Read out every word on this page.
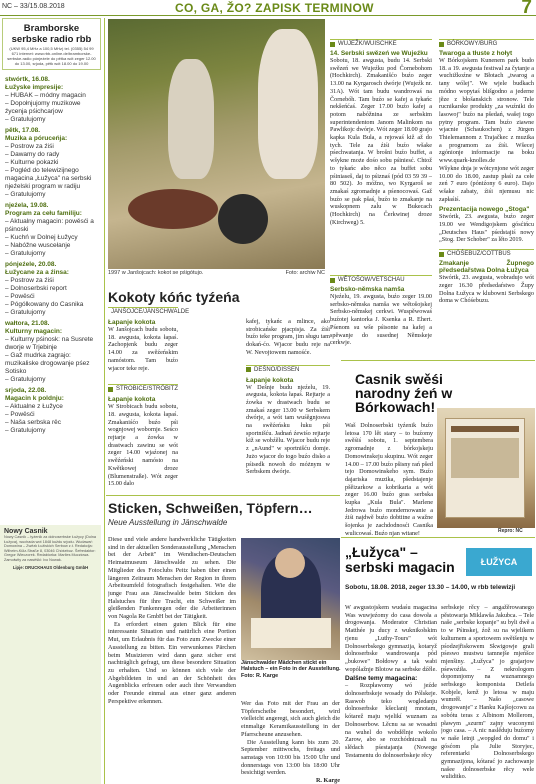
NC – 33/15.08.2018	CO, GA, ŽO? ZAPISK TERMINOW	7
Bramborske serbske radio rbb

(UKW 95,4 MHz a 100,5 MHz) tel. (0355) 54 99 671 internet: www.rbb-online.de/bramborske-serbske-radio pónjeźele do pětka wót zeger 12.00 do 13.00, srjoda, pětk wót 18.00 do 19.00

stwórtk, 16.08.
Łužyske impresije:
– HUBAK – módny magacin
– Dopołnjujomy muzikowe źycenja pśichcarjow
– Gratulujomy
pětk, 17.08.
Muzika a póruceńja:
– Postrow za źiśi
– Dawamy do rady
– Kulturne pokazki
– Pogléd do telewizijnego magacina „Łužyca" na serbski njeźelski program w radiju
– Gratulujomy
njeźela, 19.08.
Program za cełu familiju:
– Aktualny magacin: powěsći a pśinoski
– Kuchń w Dolnej Łužycy
– Nabóžne wuscełanje
– Gratulujomy
pónjeźele, 20.08.
Łužycane za a źinsa:
– Postrow za źiśi
– Dolnoserbski report
– Powěsći
– Pógólkowany do Casnika
– Gratulujomy
wałtora, 21.08.
Kulturny magacin:
– Kulturny pśinosk: na Susrete dworje w Trjebinje
– Gaž mudrka zagrajo: muzikaliske drogowanje pśez Sotisko
– Gratulujomy
srjoda, 22.08.
Magacin k poldnju:
– Aktualne z Łužyce
– Powěsći
– Naša serbska rěc
– Gratulujomy
Nowy Casnik
Nowy Casnik – tyźenik za dolnoserbske Łužycy (Dolna Łužyca), wuchada wot 1848 kuždu srjodu. Wudawaŕ: Domowina – Zwězk Łužiskich Serbow z.t. Redakcija: Wilhelm-Külz-Straße 8, 03046 Chóśebuz. Šefredaktor: Gregor Wieczorek. Redaktorka: Marlies Mucziowa. Zamołwity za nawěški: Ivo Nowak.
Lipje: DRUCKHAUS Oldenburg GmbH
1997 w Janšojcach: kokot se pśigótujo.	Foto: archiw NC
Kokoty kóńc tyźeńa
JANŠOJCE/JÄNSCHWALDE
Łapanje kokota
W Janšojcach budu sobotu, 18. awgusta, kokota łapaś. Zachopjenk budu zeger 14.00 za swěźeńskim namóstom. Tam buźo wjacor teke reje.
STROBICE/STRÖBITZ
Łapanje kokota
W Strobicach budu sobotu, 18. awgusta, kokota łapaś. Zmakaniśćo buźo pśi wognjowej wobornje. Seśco rejtarje a źowka w drastwach zawinu se wót zeger 14.00 wjaźonej na swěźeński namósto na Kwětkowej droze (Blumenstraße). Wót zeger 15.00 dalo
kafej, tykańc a mlince, ako strobicańske pjacpisja. Za źiśi buźo teke program, jim sługu tam dokań-ćo. Wjacor budu reje na W. Nevojtowem namośće.
DEŠNO/DISSEN
Łapanje kokota
W Dešnje budu njeźelu, 19. awgusta, kokota łapaś. Rejtarje a źowka w drastwach budu se zmakaś zeger 13.00 w Serbskem dwórje, a wót tam wuśěgnjoswa na swěźeńsku łuku pśi sportnišću. Jadnań źewiśo rejtarje kiž se wobźělu. Wjacor budu reje z „nAund" w sportnišću domje. Jużo wjacor do togo buźo disko a pśisedk nowoh do móżnym w Serbskem dwórje.
WUJEŽK/WUISCHKE
14. Serbski swězeń we Wujeźku
Sobotu, 18. awgusta, budu 14. Serbski swězeń we Wujeźku pod Čornebohom (Hochkirch). Zmakanišćo buźo zeger 13.00 na Kyrgarosch dwórje (Wujeźk nr. 31A). Wót tam budu wandrowaś na Čornebóh. Tam buźo se kafej a tykańc nekšeńćaś. Zeger 17.00 buźo kafej a potom nabóžnina ze serbskim superintendentom Janom Malinkom na Pawlikojc dwórje. Wót zeger 18.00 grajo kapka Kula Bula, a rejowaś kiž až do tych. Tele za źiśi buźo wšake pśechwatanja. W brošni buźo buffet, a wšykne może dośo sobu pśiniesć. Chtož to tykańc abo něco za buffet sobu pśiniaseš, daj to pśiznaś (pód 03 59 39 – 80 502). Jo móžno, wo Kyrgaroš se zmakaś zgromadnje a pśenocowaś. Gaž buźo se pak pšaś, buźo to zmakanje na wuskopnem zaĺu w Bukecach (Hochkirch) na Čerkwinej droze (Kirchweg) 5.
WĚTOŠOW/VETSCHAU
Serbsko-němska namša
Njeźelu, 19. awgusta, buźo zeger 19.00 serbsko-němska namša we wětošojskej Serbsko-němskej cerkwi. Wuspěwowaś buźotej kantorka J. Ksenka a R. Ehert. Pśenom su wše pśisonte na kafej a spěwanje do susednej Němskeje cerkwje.
BÓRKOWY/BURG
Twaroga a tłuste z hołyt
W Bórkojskem Kunenem park budo 18. a 19. awgusta festiwal za čytanje a wuchižkoźne w Błotach „twarog a tany wólej". We wjele budkach módno wopytaś blišgodno a jederne jěze z błošanskich stronow. Tele rucnikarske produkty „za wuźniki do lasowoj" buźo na pšedań, wašej togo pytny program. Tam buźo ziawne wjacnie (Schaukochen) z Jürgen Thielemannom z Trajačkec z muzika a programom za źiśi. Wšecej zgónionje informacije na boku www.quark-knolles.de
Wšykne dnja je wótcynjone wót zeger 10.00 do 18.00, zastup płaśi za cełe zeń 7 euro (póniźony 6 euro). Dajo wšake zabaty, źiśi njemusu nic zapłaśiś.
Prezentacija nowego „Stoga"
Stwórtk, 23. awgusta, buźo zeger 19.00 we Wendigojskem gósćińcu „Deutsches Haus" pśedstajiś nowy „Stog. Der Schober" za lěto 2019.
CHÓŚEBUZ/COTTBUS
Zmakanje Župnego předsedařstwa Dolna Łužyca
Stwórtk, 23. awgusta, wobradujo wót zeger 16.30 předsedaŕstwo Župy Dolna Łužyca w klubowni Serbskego doma w Chóśebuzu.
Casnik swěśi narodny źeń w Bórkowach!
Waš Dolnoserbski tyźenik buźo letosa 170 lět stary – to buźomy swěśiś sobotu, 1. septembera zgromadnje z bórkojskeju Domowinskeju skupinu. Wót zeger 14.00 – 17.00 buźo pšisny rań pšed tejo Domowinskeho sym. Buźo dajariska muzika, pšedstajenje pšěizarkow a kobrikaria a wót zeger 16.00 buźo gras serbska kupka „Kula Bula". Marlene Jedrowa buźo mondernowanie a źiśi najdwě buźo dobtitne a wažne šojenka je zachdodnosći Casnika wulicowaś. Buźo njan witane!	Repro: NC
ŁUŽYCA
„Łužyca" – serbski magacin
Sobotu, 18.08. 2018, zeger 13.30 – 14.00, w rbb telewizji
W awgustojskem wudaśu magacina Was wuwjeźomy do casa dowoła a drogowanja. Moderator Christian Matthée ju ducy z wuknikołskim rjenu „Luthy-Tours" wót Dolnoserbskego gymnazija, kotaryž dolnoserbske wandrowanja pód „bukowe" Bołdowy a tak wabi wopólažnje Blotow na serbske dźěle.
Dalšne temy magacina:
– Rozpławomy wó jeźde dolnoserbskeje wosady do Pólskeje. Raswob teko wogledanju dolnoserbske kšeclanij mnotam, kótarež maju wjelikí wuznam za Dolnoserbow. Lěcnu sa se wosadni na wuhel do wobdělnje wokolo Zarow, abo se rozchódnicuali na slědach pśestajanja (Nowege Testamentu do dolnoserbskeje rěcy
serbskeje rěcy – angažěrowanego pěstowarja Miklawša Jakubca. – Tele naše „serbske kopanje" su byli dwě a to w Pśinskej, źož su na wjelikem kulturnem a sportowem swětšenju w pśodzejřiskowem Skwigowje grali pśeswo mustwu tamnejše mjeńšce mjenšiny. „Łužyca" jo grajarjow pśewoźiła. – Z nekrologom dopomnjomy na wuznamnego serbskego komponista Detlefa Kobjele, kenž jo letosa w maju wumrěł. – Našo „casowe drogowanje" z Hanku Kajšojcowu za sobótu teras z Albinom Mollerom, pławym „szurm" zajny wuconymi jogo casa. – A nic naslěduju buźomy w naše letnji „wopgled do domu" i gósćom pla Julie Storyjec, referentarki Dolnoserbskego gymnazijona, kótarać jo zachowanje našee dolnoserbske rěcy wele wuliditko.
Sticken, Schweißen, Töpfern…
Neue Ausstellung in Jänschwalde
Diese und viele andere handwerkliche Tätigkeiten sind in der aktuellen Sonderausstellung „Menschen bei der Arbeit" im Wendischen-Deutschen Heimatmuseum Jänschwalde zu sehen. Die Mitglieder des Fotoclubs Peitz haben über einen längeren Zeitraum Menschen der Region in ihrem Arbeitsumfeld fotografisch festgehalten. Wie die junge Frau aus Jänschwalde beim Sticken des Halstuches für ihre Tracht, ein Schweißer im gleißenden Funkenregen oder die Arbeiterinnen von Nagola Re GmbH bei der Tätigkeit.
Es erfordert einen guten Blick für eine interessante Situation und natürlich eine Portion Mut, um Erlaubnis für das Foto zum Zwecke einer Ausstellung zu bitten. Ein verwunkenes Pärchen beim Musizieren wird dann ganz sicher erst nachträglich gefragt, um diese besondere Situation zu erhalten. Und so können sich viele der Abgebildeten in und an der Schönheit des Augenblicks erfreuen oder auch ihre Verwandten oder Freunde einmal aus einer ganz anderen Perspektive erkennen.
Jänschwalder Mädchen stickt ein Halstuch – ein Foto in der Ausstellung. Foto: R. Karge
Wer das Foto mit der Frau an der Töpferscheibe besondert, wird vielleicht angeregt, sich auch gleich die einmalige Keramikausstellung in der Pfarrscheune anzusehen.
Die Ausstellung kann bis zum 20. September mittwochs, freitags und samstags von 10:00 bis 15:00 Uhr und donnerstags von 13:00 bis 18:00 Uhr besichtigt werden.
R. Karge
